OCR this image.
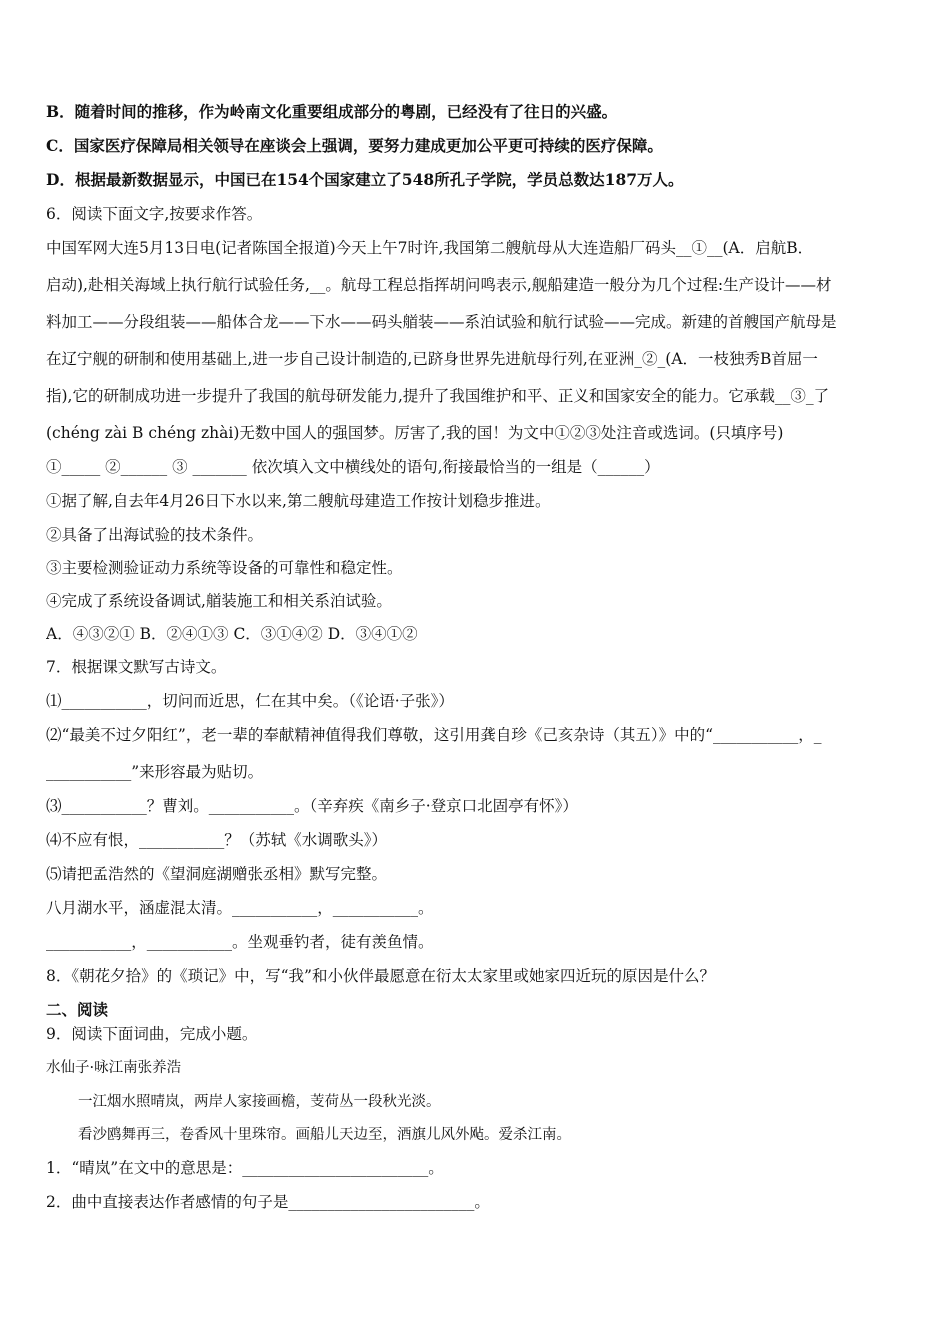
B．随着时间的推移，作为岭南文化重要组成部分的粤剧，已经没有了往日的兴盛。
C．国家医疗保障局相关领导在座谈会上强调，要努力建成更加公平更可持续的医疗保障。
D．根据最新数据显示，中国已在154个国家建立了548所孔子学院，学员总数达187万人。
6．阅读下面文字,按要求作答。
中国军网大连5月13日电(记者陈国全报道)今天上午7时许,我国第二艘航母从大连造船厂码头__①__(A．启航B．
启动),赴相关海域上执行航行试验任务,__。航母工程总指挥胡问鸣表示,舰船建造一般分为几个过程:生产设计——材
料加工——分段组装——船体合龙——下水——码头艏装——系泊试验和航行试验——完成。新建的首艘国产航母是
在辽宁舰的研制和使用基础上,进一步自己设计制造的,已跻身世界先进航母行列,在亚洲_②_(A．一枝独秀B首屈一
指),它的研制成功进一步提升了我国的航母研发能力,提升了我国维护和平、正义和国家安全的能力。它承载__③_了
(chéng zài B chéng zhài)无数中国人的强国梦。厉害了,我的国！为文中①②③处注音或选词。(只填序号)
①_____ ②______ ③ _______ 依次填入文中横线处的语句,衔接最恰当的一组是（______）
①据了解,自去年4月26日下水以来,第二艘航母建造工作按计划稳步推进。
②具备了出海试验的技术条件。
③主要检测验证动力系统等设备的可靠性和稳定性。
④完成了系统设备调试,艏装施工和相关系泊试验。
A．④③②① B．②④①③ C．③①④② D．③④①②
7．根据课文默写古诗文。
⑴___________，切问而近思，仁在其中矣。（《论语·子张》）
⑵“最美不过夕阳红”，老一辈的奉献精神值得我们尊敬，这引用龚自珍《己亥杂诗（其五）》中的“___________，_
___________”来形容最为贴切。
⑶___________？曹刘。___________。（辛弃疾《南乡子·登京口北固亭有怀》）
⑷不应有恨，___________？（苏轼《水调歌头》）
⑸请把孟浩然的《望洞庭湖赠张丞相》默写完整。
八月湖水平，涵虚混太清。___________，___________。
___________，___________。坐观垂钓者，徒有羡鱼情。
8．《朝花夕拾》的《琐记》中，写“我”和小伙伴最愿意在衍太太家里或她家四近玩的原因是什么？
二、阅读
9．阅读下面词曲，完成小题。
水仙子·咏江南张养浩
一江烟水照晴岚，两岸人家接画檐，芰荷丛一段秋光淡。
看沙鸥舞再三，卷香风十里珠帘。画船儿天边至，酒旗儿风外飐。爱杀江南。
1．“晴岚”在文中的意思是：________________________。
2．曲中直接表达作者感情的句子是________________________。
